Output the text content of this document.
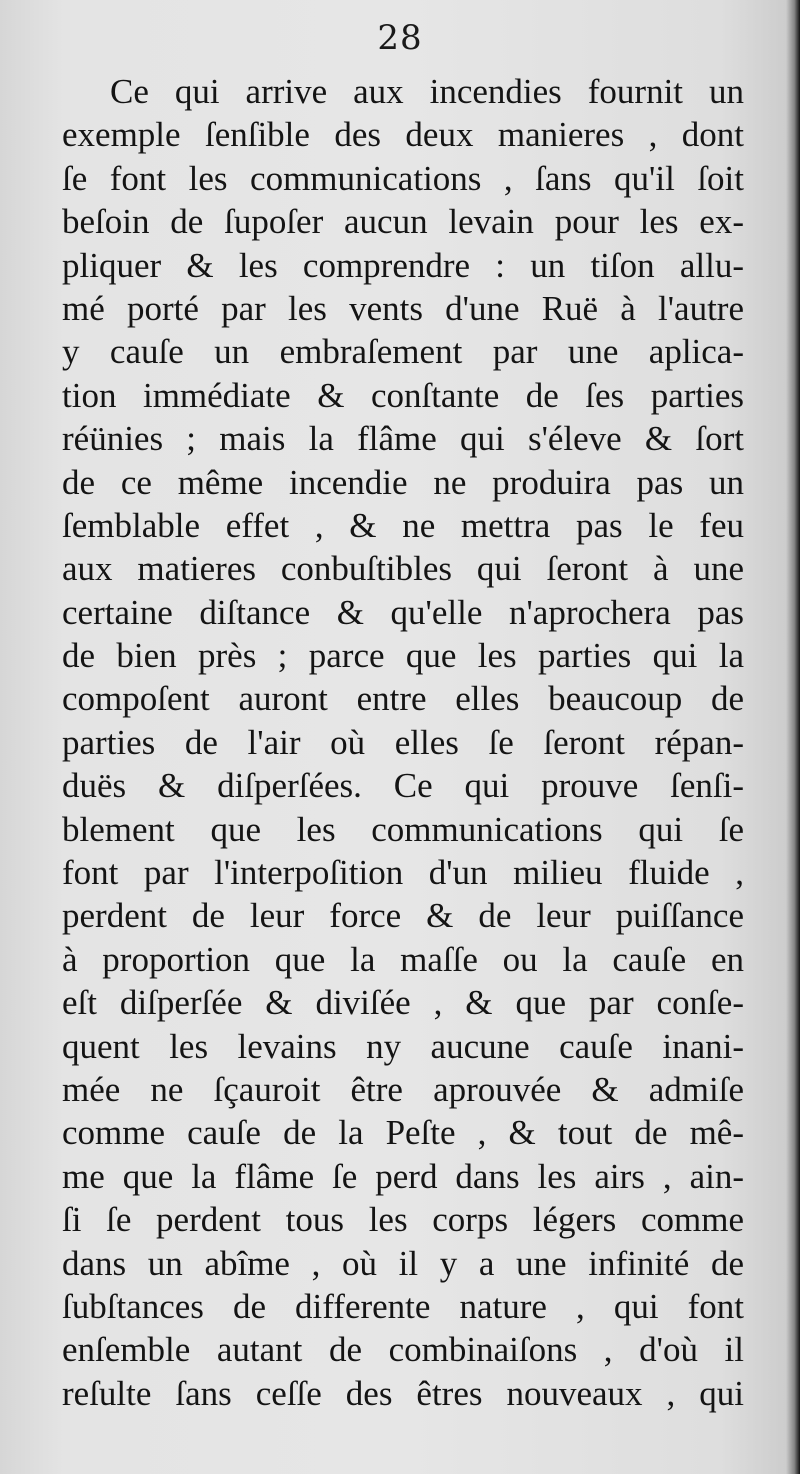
28
Ce qui arrive aux incendies fournit un
exemple ſenſible des deux manieres , dont
ſe font les communications , ſans qu'il ſoit
beſoin de ſupoſer aucun levain pour les ex-
pliquer & les comprendre : un tiſon allu-
mé porté par les vents d'une Ruë à l'autre
y cauſe un embraſement par une aplica-
tion immédiate & conſtante de ſes parties
réünies ; mais la flâme qui s'éleve & ſort
de ce même incendie ne produira pas un
ſemblable effet , & ne mettra pas le feu
aux matieres conbuſtibles qui ſeront à une
certaine diſtance & qu'elle n'aprochera pas
de bien près ; parce que les parties qui la
compoſent auront entre elles beaucoup de
parties de l'air où elles ſe ſeront répan-
duës & diſperſées. Ce qui prouve ſenſi-
blement que les communications qui ſe
font par l'interpoſition d'un milieu fluide ,
perdent de leur force & de leur puiſſance
à proportion que la maſſe ou la cauſe en
eſt diſperſée & diviſée , & que par conſe-
quent les levains ny aucune cauſe inani-
mée ne ſçauroit être aprouvée & admiſe
comme cauſe de la Peſte , & tout de mê-
me que la flâme ſe perd dans les airs , ain-
ſi ſe perdent tous les corps légers comme
dans un abîme , où il y a une infinité de
ſubſtances de differente nature , qui font
enſemble autant de combinaiſons , d'où il
reſulte ſans ceſſe des êtres nouveaux , qui
